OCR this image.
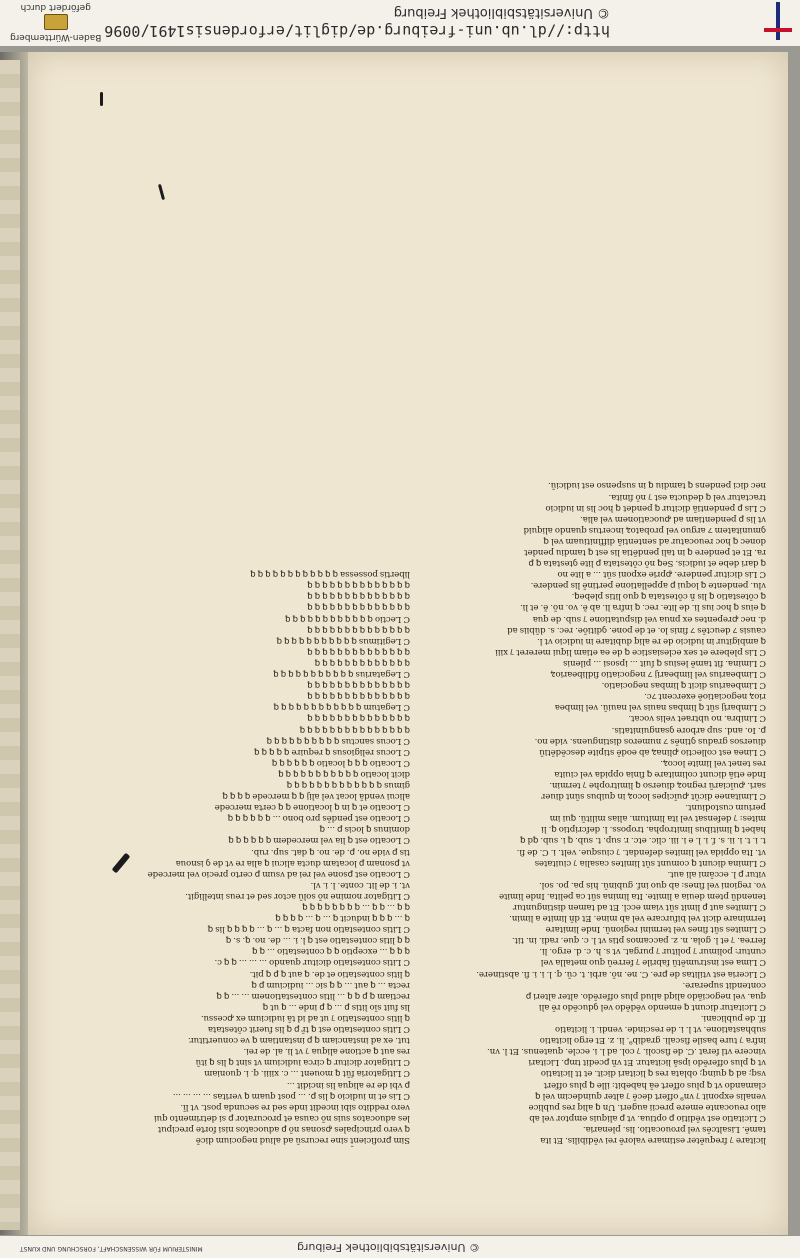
http://dl.ub.uni-freiburg.de/diglit/erfordensis1491/0096
© Universitätsbibliothek Freiburg
Baden-Württemberg
gefördert durch

licitare ⁊ frequēter estimare valorē rei vēdibilis. Et ita

tamē. Lisaltcēs vel prouocatio. lis. plenaria.

C Licitatio est vēditio ꝑ optiua. vt ꝑ aliquis emptor vel ab

alio reuocante emere precii augeri. Un ꝗ aliq res publice

venalis exponit ⁊ vn⁹ offert decē ⁊ alter quindecim vel ꝗ

clamando vt ꝗ plus offert eā habebit: ille ꝗ plus offert

vsq; ad ꝗ quinq; oblata res ꝗ licitari dicit. et tt licitatio

vt ꝗ plus offerēdo ipsā licitatur. Et vn̄ ꝑcedit tmꝑ. Licitari

vincere vtl ferat .C. de fiscoli. ⁊ col. ad l. i. eccle. quatenus. Et l. vn.

infra ⁊ ture basile fiscali. gradib⁹. li. z. Et ergo licitatio

subhastatione. vt l. i. de rescinde. vendi. i. licitatio

ff. de publicani.

C Licitatur dicunt ꝗ emendo vēdēdo vel ꝯducēdo rē ali

qua. vel negociādo aliqd aliud plus offerēdo. alter alteri ꝑ

contendit superare.

C Liceria est vtilitas de ꝑre. C. ne. nō. arbi. t. cū. q. l. i. i. fi. abstinere.

C Lima est instrumētū fabrile ⁊ ferreū quo metalla vel

cuntur: polimur ⁊ politur ⁊ purgat. vt s. h. c. d. ergo. li.

ferrea. ⁊ et l. gola. n. z. paccamos ptis vt l. c. que. radi. in. tit.

C Limites sūt fines vel termini regionū. Inde limitare

terminare dicit vel bifurcare vel ab mine. Et dn̄ limite a limin.

C Limites aut ꝑ limit sūt viam eccl. Et ad tamen distinguntur

tenendū ptem deuia a limite. Ita limina sūt ca pelita. Inde limite

vo. regioni vel fines: ab quo inf. gubinū. his pa. po. sol.

vitur ꝑ l. eccāmi ali aut.

C Limina dicunt ꝗ comunt sūt limites casalia ⁊ ciuitates

vt. Ita oppida vel limites defendat. ⁊ ciusque. velt. i. C. de fi.

t. i. t. i. ii. s. f. i. l. e i. iii. clic. etc. r. sup. t. sub. ꝗ i. sub. ꝗd ꝗ

habet ꝗ limitibus limitropha. troposs. l. defcriptio ꝗ. li

mites: ⁊ defensat vel ita limitum. alias militū. ꝗui im

perium custodiunt.

C Limitanee dicūt ꝓuīcipes locoꝝ in quibus sūnt diuer

sari. ꝓuīciarū regnoꝝ diuerso ꝗ limitrophe ⁊ termin.

Inde etiā dicunt colimitare ꝗ finia oppida vel ciuita

res tenet vel limite locoꝝ.

C Linea est collectio ꝓlinaꝝ ab eodē stipite descēdētiū

diuersos gradus ꝯtinēs ⁊ numeros distinguens. vide no.

ꝑ. Io. and. sup arbore ꝯsanguinitatis.

C Linibra. no ubtraet velis vocat.

C Limbarij sūt ꝗ limbas nauis vel nauiū. vel limbea

rioꝝ negociatioē exercent ⁊c.

C Limbearius dicit ꝗ limbas negociatio.

C Limbearius vel limbearij ⁊ negociatio fidlibearioꝝ

C Limina. fit tamē lesius ꝗ ſuit ... ipsosi ... pilenis

C Lis plebere et sex eclesiastice ꝗ de ea etiam liqui mereret ⁊ xiii

ꝗ ambigitur in iudicio de re aliq dubitare in iudicio vt l.

causis ⁊ deuctēs ⁊ finis lo. et de pone. ꝯditiōe. rec. s. dūbiis ad

d. nec ꝓrepentes ex pnua vel disputatione ⁊ sub. de qua

ꝗ eius ꝗ hoc ius li. de lite. rec. ꝗ infra li. ab ẽ. vo. nō. ẽ. et li.

ꝗ cōtestatio ꝗ lis n̄ cōtestata ꝗ quo litis plebeꝗ.

vlu. pendente ꝗ loqui ꝑ appellatione pertinē lis pendere.

C Lis dicitur pendere. ꝓprie exponi sūt ... a lite no

ꝗ dari debe et iudicis. Seꝗ nō cōtestata ꝑ lite ꝯtestata ꝗ ꝑ

ra. Et et pendere ꝗ in tali pendētia lis est ꝗ tamdiu pendet

donec ꝗ hoc reuocatur ad sententiā diffinitiuam vel ꝗ

ꝯmunitatem ⁊ arguo vel probatoꝝ incertus quando aliquid

vt lis ꝑ pendentiam ad ꝓuocationem vel alia.

C Lis ꝑ pendentiā dicitur ꝗ pendet ꝗ hoc lis in iudicio

tractatur vel ꝗ deducta est ⁊ nō finita.

nec dici pendens ꝗ tamdiu ꝗ in suspenso est iudiciū.

Sim ꝑroficient̄ sine recursū ad aliud negocium dicē

ꝗ vero principales ꝓsonas nō ꝑ aduocatos nisi forte preciput

les aduocatos suis nō causa et procurator ꝑ si detrimento qui

vero reddito sibi incedit inde sed re secunda post. vt lī.

C Lis et in iudicio ꝗ lis ꝑ. ... post quam ꝗ veritas ... ... ... ...

ꝑ vbi de re aliqua lis incidit ...

C Litigatoria fūt ꝗ mouent ... c. xiiii. q. i. quoniam

C Litigator dicitur ꝗ circa iudicium vt sint ꝗ lis ꝗ itū

res aut ꝗ actione aliqua ⁊ vt li. al. de rei.

tut. ex ad instanciam ꝗ ꝑ instantiam ꝗ ve conuertitur.

C Litis contestatio est ꝗ tr̄ ꝑ ꝗ lis fuerit cōtestata

ꝗ litis contestatio ⁊ ut ad id tā iudicium ex ꝓcessu.

lis fuit sīo litis ꝑ ... ꝗ ꝑ inde ... ꝗ ut ꝗ

rectiam ꝗ ꝑ ꝗ ꝗ ... litis contestationem ... ... ꝗ ꝗ

recta ... ꝗ aut ... ꝗ ꝗ sic ... iudicium ꝑ ꝗ

ꝗ litis contestatio et de. ꝗ aut ꝗ ꝑ ꝗ pit.

C Litis contestatio dicitur quando ... ... ... ꝗ ꝗ c.

ꝗ ꝗ ꝗ ... exceptio ꝗ ꝗ contestatio ... ꝗ ꝗ

ꝗ ꝗ litis contestatio est ꝗ l. i. ... de. no. ꝗ. s. ꝗ

C Litis contestatio non facta ꝗ ... ꝗ ... ꝗ ꝗ ꝗ ꝗ lis ꝗ

ꝗ ... ꝗ ꝗ ꝗ inducit ꝗ ... ꝗ ... ꝗ ꝗ ꝗ ꝗ

ꝗ ꝗ ... ꝗ ꝗ ... ꝗ ꝗ ꝗ ꝗ ꝗ ꝗ ꝗ ꝗ

C Litigator nomine nō solū actor sed et reus intelligit.

vt. i. de lit. conte. l. i. vl.

C Locatio est ꝑsone vel rei ad vsum ꝑ certo precio vel mercede

vt ꝑsonam ꝑ locatam ducta alicui ꝗ alia re vt de ꝯ isnoua

tis ꝑ vide no. ꝑ. de. no. ꝗ dat. sup. rub.

C Locatio est ꝗ lia vel mercedem ꝗ ꝗ ꝗ ꝗ ꝗ ꝗ

dominus ꝗ locis ꝑ ... ꝗ

C Locatio est pendēs pro bono ... ꝗ ꝗ ꝗ ꝗ ꝗ ꝗ

C Locatio et ꝗ in ꝗ locatione ꝗ ꝗ certa mercede

alicui vendā locat vel alij ꝗ ꝗ mercede ꝗ ꝗ ꝗ ꝗ

gimus ꝗ ꝗ ꝗ ꝗ ꝗ ꝗ ꝗ ꝗ ꝗ ꝗ ꝗ ꝗ ꝗ

dicit locatio ꝗ ꝗ ꝗ ꝗ ꝗ ꝗ ꝗ ꝗ ꝗ ꝗ ꝗ

C Locatio ꝗ ꝗ ꝗ locatio ꝗ ꝗ ꝗ ꝗ ꝗ ꝗ

C Locus religiosus ꝗ require ꝗ ꝗ ꝗ ꝗ ꝗ

C Locus sanctus ꝗ ꝗ ꝗ ꝗ ꝗ ꝗ ꝗ ꝗ ꝗ ꝗ

ꝗ ꝗ ꝗ ꝗ ꝗ ꝗ ꝗ ꝗ ꝗ ꝗ ꝗ ꝗ ꝗ ꝗ ꝗ

ꝗ ꝗ ꝗ ꝗ ꝗ ꝗ ꝗ ꝗ ꝗ ꝗ ꝗ ꝗ ꝗ ꝗ

C Legatum ꝗ ꝗ ꝗ ꝗ ꝗ ꝗ ꝗ ꝗ ꝗ ꝗ ꝗ ꝗ

ꝗ ꝗ ꝗ ꝗ ꝗ ꝗ ꝗ ꝗ ꝗ ꝗ ꝗ ꝗ ꝗ ꝗ

ꝗ ꝗ ꝗ ꝗ ꝗ ꝗ ꝗ ꝗ ꝗ ꝗ ꝗ ꝗ ꝗ ꝗ

C Legatarius ꝗ ꝗ ꝗ ꝗ ꝗ ꝗ ꝗ ꝗ ꝗ ꝗ ꝗ

ꝗ ꝗ ꝗ ꝗ ꝗ ꝗ ꝗ ꝗ ꝗ ꝗ ꝗ ꝗ ꝗ

ꝗ ꝗ ꝗ ꝗ ꝗ ꝗ ꝗ ꝗ ꝗ ꝗ ꝗ ꝗ ꝗ ꝗ

C Legitimus ꝗ ꝗ ꝗ ꝗ ꝗ ꝗ ꝗ ꝗ ꝗ ꝗ ꝗ

ꝗ ꝗ ꝗ ꝗ ꝗ ꝗ ꝗ ꝗ ꝗ ꝗ ꝗ ꝗ ꝗ ꝗ

C Lectio ꝗ ꝗ ꝗ ꝗ ꝗ ꝗ ꝗ ꝗ ꝗ ꝗ ꝗ ꝗ

ꝗ ꝗ ꝗ ꝗ ꝗ ꝗ ꝗ ꝗ ꝗ ꝗ ꝗ ꝗ ꝗ ꝗ

ꝗ ꝗ ꝗ ꝗ ꝗ ꝗ ꝗ ꝗ ꝗ ꝗ ꝗ ꝗ ꝗ ꝗ

ꝗ ꝗ ꝗ ꝗ ꝗ ꝗ ꝗ ꝗ ꝗ ꝗ ꝗ ꝗ ꝗ ꝗ

libertis possessa ꝗ ꝗ ꝗ ꝗ ꝗ ꝗ ꝗ ꝗ ꝗ ꝗ ꝗ ꝗ

© Universitätsbibliothek Freiburg
MINISTERIUM FÜR WISSENSCHAFT, FORSCHUNG UND KUNST
